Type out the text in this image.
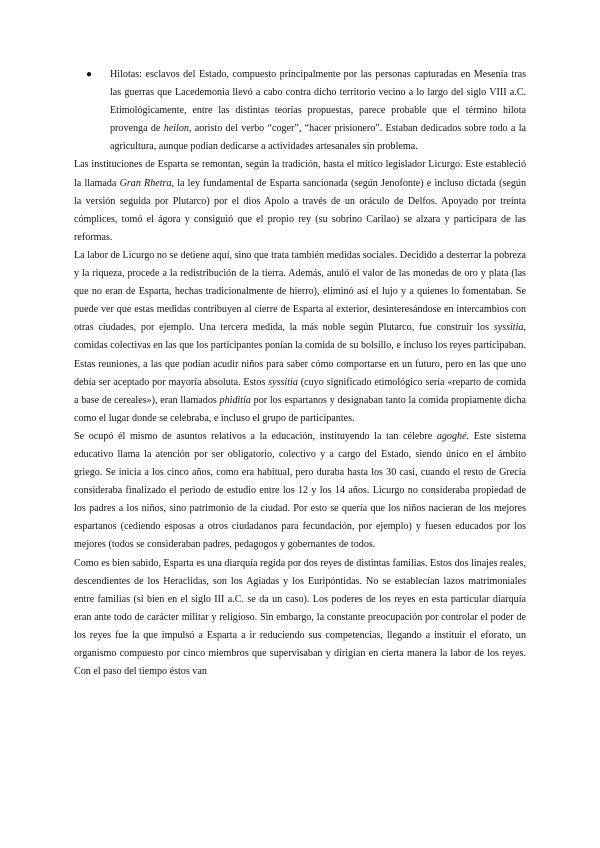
● Hilotas: esclavos del Estado, compuesto principalmente por las personas capturadas en Mesenia tras las guerras que Lacedemonia llevó a cabo contra dicho territorio vecino a lo largo del siglo VIII a.C. Etimológicamente, entre las distintas teorías propuestas, parece probable que el término hilota provenga de heilon, aoristo del verbo “coger”, “hacer prisionero”. Estaban dedicados sobre todo a la agricultura, aunque podían dedicarse a actividades artesanales sin problema.

Las instituciones de Esparta se remontan, según la tradición, hasta el mítico legislador Licurgo. Este estableció la llamada Gran Rhetra, la ley fundamental de Esparta sancionada (según Jenofonte) e incluso dictada (según la versión seguida por Plutarco) por el dios Apolo a través de un oráculo de Delfos. Apoyado por treinta cómplices, tomó el ágora y consiguió que el propio rey (su sobrino Carilao) se alzara y participara de las reformas.

La labor de Licurgo no se detiene aquí, sino que trata también medidas sociales. Decidido a desterrar la pobreza y la riqueza, procede a la redistribución de la tierra. Además, anuló el valor de las monedas de oro y plata (las que no eran de Esparta, hechas tradicionalmente de hierro), eliminó así el lujo y a quienes lo fomentaban. Se puede ver que estas medidas contribuyen al cierre de Esparta al exterior, desinteresándose en intercambios con otras ciudades, por ejemplo. Una tercera medida, la más noble según Plutarco, fue construir los syssitia, comidas colectivas en las que los participantes ponían la comida de su bolsillo, e incluso los reyes participaban. Estas reuniones, a las que podían acudir niños para saber cómo comportarse en un futuro, pero en las que uno debía ser aceptado por mayoría absoluta. Estos syssitia (cuyo significado etimológico sería «reparto de comida a base de cereales»), eran llamados phiditia por los espartanos y designaban tanto la comida propiamente dicha como el lugar donde se celebraba, e incluso el grupo de participantes.

Se ocupó él mismo de asuntos relativos a la educación, instituyendo la tan célebre agoghé. Este sistema educativo llama la atención por ser obligatorio, colectivo y a cargo del Estado, siendo único en el ámbito griego. Se inicia a los cinco años, como era habitual, pero duraba hasta los 30 casi, cuando el resto de Grecia consideraba finalizado el periodo de estudio entre los 12 y los 14 años. Licurgo no consideraba propiedad de los padres a los niños, sino patrimonio de la ciudad. Por esto se quería que los niños nacieran de los mejores espartanos (cediendo esposas a otros ciudadanos para fecundación, por ejemplo) y fuesen educados por los mejores (todos se consideraban padres, pedagogos y gobernantes de todos.

Como es bien sabido, Esparta es una diarquía regida por dos reyes de distintas familias. Estos dos linajes reales, descendientes de los Heraclidas, son los Agiadas y los Euripóntidas. No se establecían lazos matrimoniales entre familias (si bien en el siglo III a.C. se da un caso). Los poderes de los reyes en esta particular diarquía eran ante todo de carácter militar y religioso. Sin embargo, la constante preocupación por controlar el poder de los reyes fue la que impulsó a Esparta a ir reduciendo sus competencias, llegando a instituir el eforato, un organismo compuesto por cinco miembros que supervisaban y dirigían en cierta manera la labor de los reyes. Con el paso del tiempo éstos van
